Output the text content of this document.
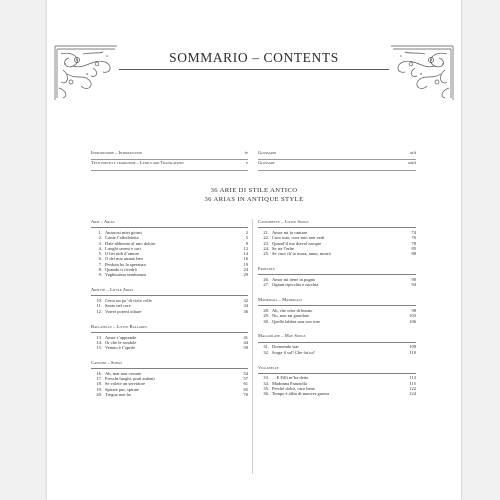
SOMMARIO – CONTENTS
Introduzione – Introduction	iv
Testi poetici e traduzioni – Lyrics and Translations	v
Glossario	xiii
Glossary	xxiii
36 ARIE DI STILE ANTICO
36 ARIAS IN ANTIQUE STYLE
Arie – Arias
1. Amorosi miei giorni	2
2. Come l’allodoletta	5
3. Date abbiento al mio dolore	9
4. Luoghi sereni e cari	12
5. O bei nidi d’amore	14
6. O del mio amato ben	16
7. Perduta ho la speranza	19
8. Quando ti rivedrò	24
9. Vaghissima sembianza	29
Ariette – Little Arias
10. Certo un po’ di cielo colle	32
11. Sento nel core	34
12. Vorrei poterti odiare	36
Ballatelle – Little Ballades
13. Amor s’apprende	41
14. Or che le rondole	44
15. Venuto è l’aprile	50
Canzoni – Songs
16. Ah, mai non cessate	54
17. Freschi luoghi, prati aulenti	57
18. Se volete un servidore	61
19. Spirate pur, spirate	65
20. Tregua non ho	70
Canzonette – Little Songs
21. Amor mi fa cantare	74
22. Cuor mio, cuor mio non vedi	76
23. Quand’il tuo diavol nacque	78
24. Se tra l’erbe	85
25. Se vuoi ch’io mora, amor, morrò	88
Frottole
26. Amor mi tiene in pugno	90
27. Ognun ripicchia e nicchia	94
Madrigali – Madrigals
28. Ah, che odor di buono	98
29. No, non mi guardate	103
30. Quelle labbra non son rose	106
Maggiolate – May Songs
31. Dormendo stai	108
32. Sorge il sol! Che fai tu?	110
Villanelle
33. …E Filli m’ha detto	113
34. Madonna Fanziolla	115
35. Perché dolce, caro bene	122
36. Tempo è alfin di muover guerra	124
